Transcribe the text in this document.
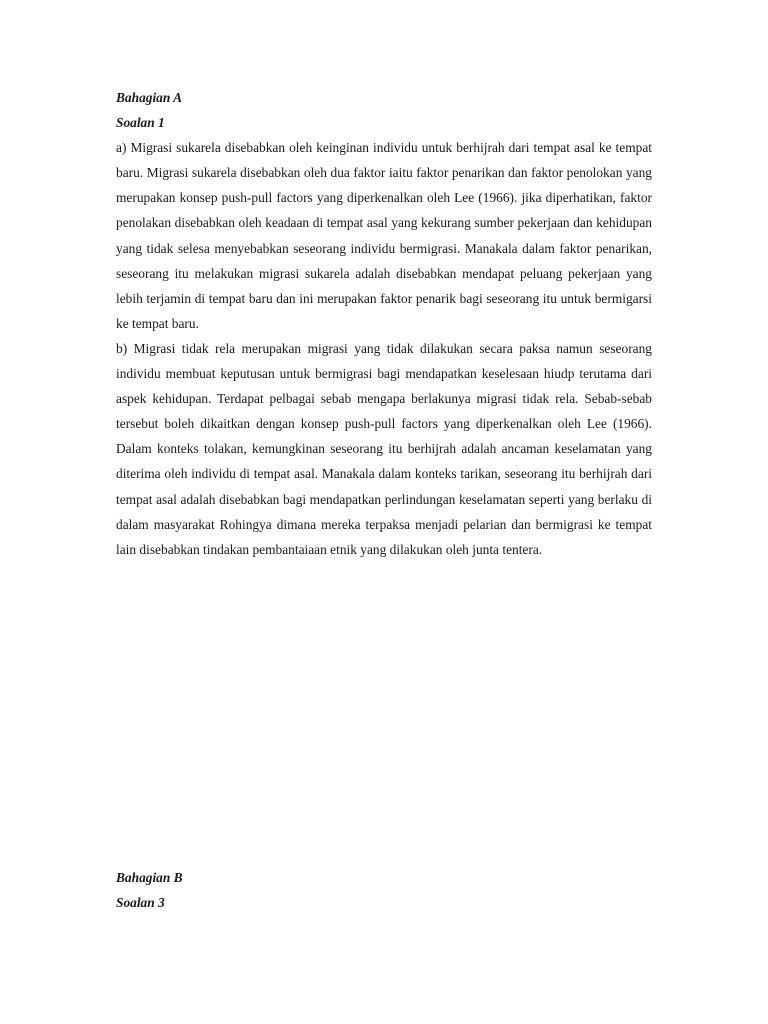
Bahagian A

Soalan 1

a) Migrasi sukarela disebabkan oleh keinginan individu untuk berhijrah dari tempat asal ke tempat baru. Migrasi sukarela disebabkan oleh dua faktor iaitu faktor penarikan dan faktor penolokan yang merupakan konsep push-pull factors yang diperkenalkan oleh Lee (1966). jika diperhatikan, faktor penolakan disebabkan oleh keadaan di tempat asal yang kekurang sumber pekerjaan dan kehidupan yang tidak selesa menyebabkan seseorang individu bermigrasi. Manakala dalam faktor penarikan, seseorang itu melakukan migrasi sukarela adalah disebabkan mendapat peluang pekerjaan yang lebih terjamin di tempat baru dan ini merupakan faktor penarik bagi seseorang itu untuk bermigarsi ke tempat baru.

b) Migrasi tidak rela merupakan migrasi yang tidak dilakukan secara paksa namun seseorang individu membuat keputusan untuk bermigrasi bagi mendapatkan keselesaan hiudp terutama dari aspek kehidupan. Terdapat pelbagai sebab mengapa berlakunya migrasi tidak rela. Sebab-sebab tersebut boleh dikaitkan dengan konsep push-pull factors yang diperkenalkan oleh Lee (1966). Dalam konteks tolakan, kemungkinan seseorang itu berhijrah adalah ancaman keselamatan yang diterima oleh individu di tempat asal. Manakala dalam konteks tarikan, seseorang itu berhijrah dari tempat asal adalah disebabkan bagi mendapatkan perlindungan keselamatan seperti yang berlaku di dalam masyarakat Rohingya dimana mereka terpaksa menjadi pelarian dan bermigrasi ke tempat lain disebabkan tindakan pembantaiaan etnik yang dilakukan oleh junta tentera.

Bahagian B

Soalan 3
